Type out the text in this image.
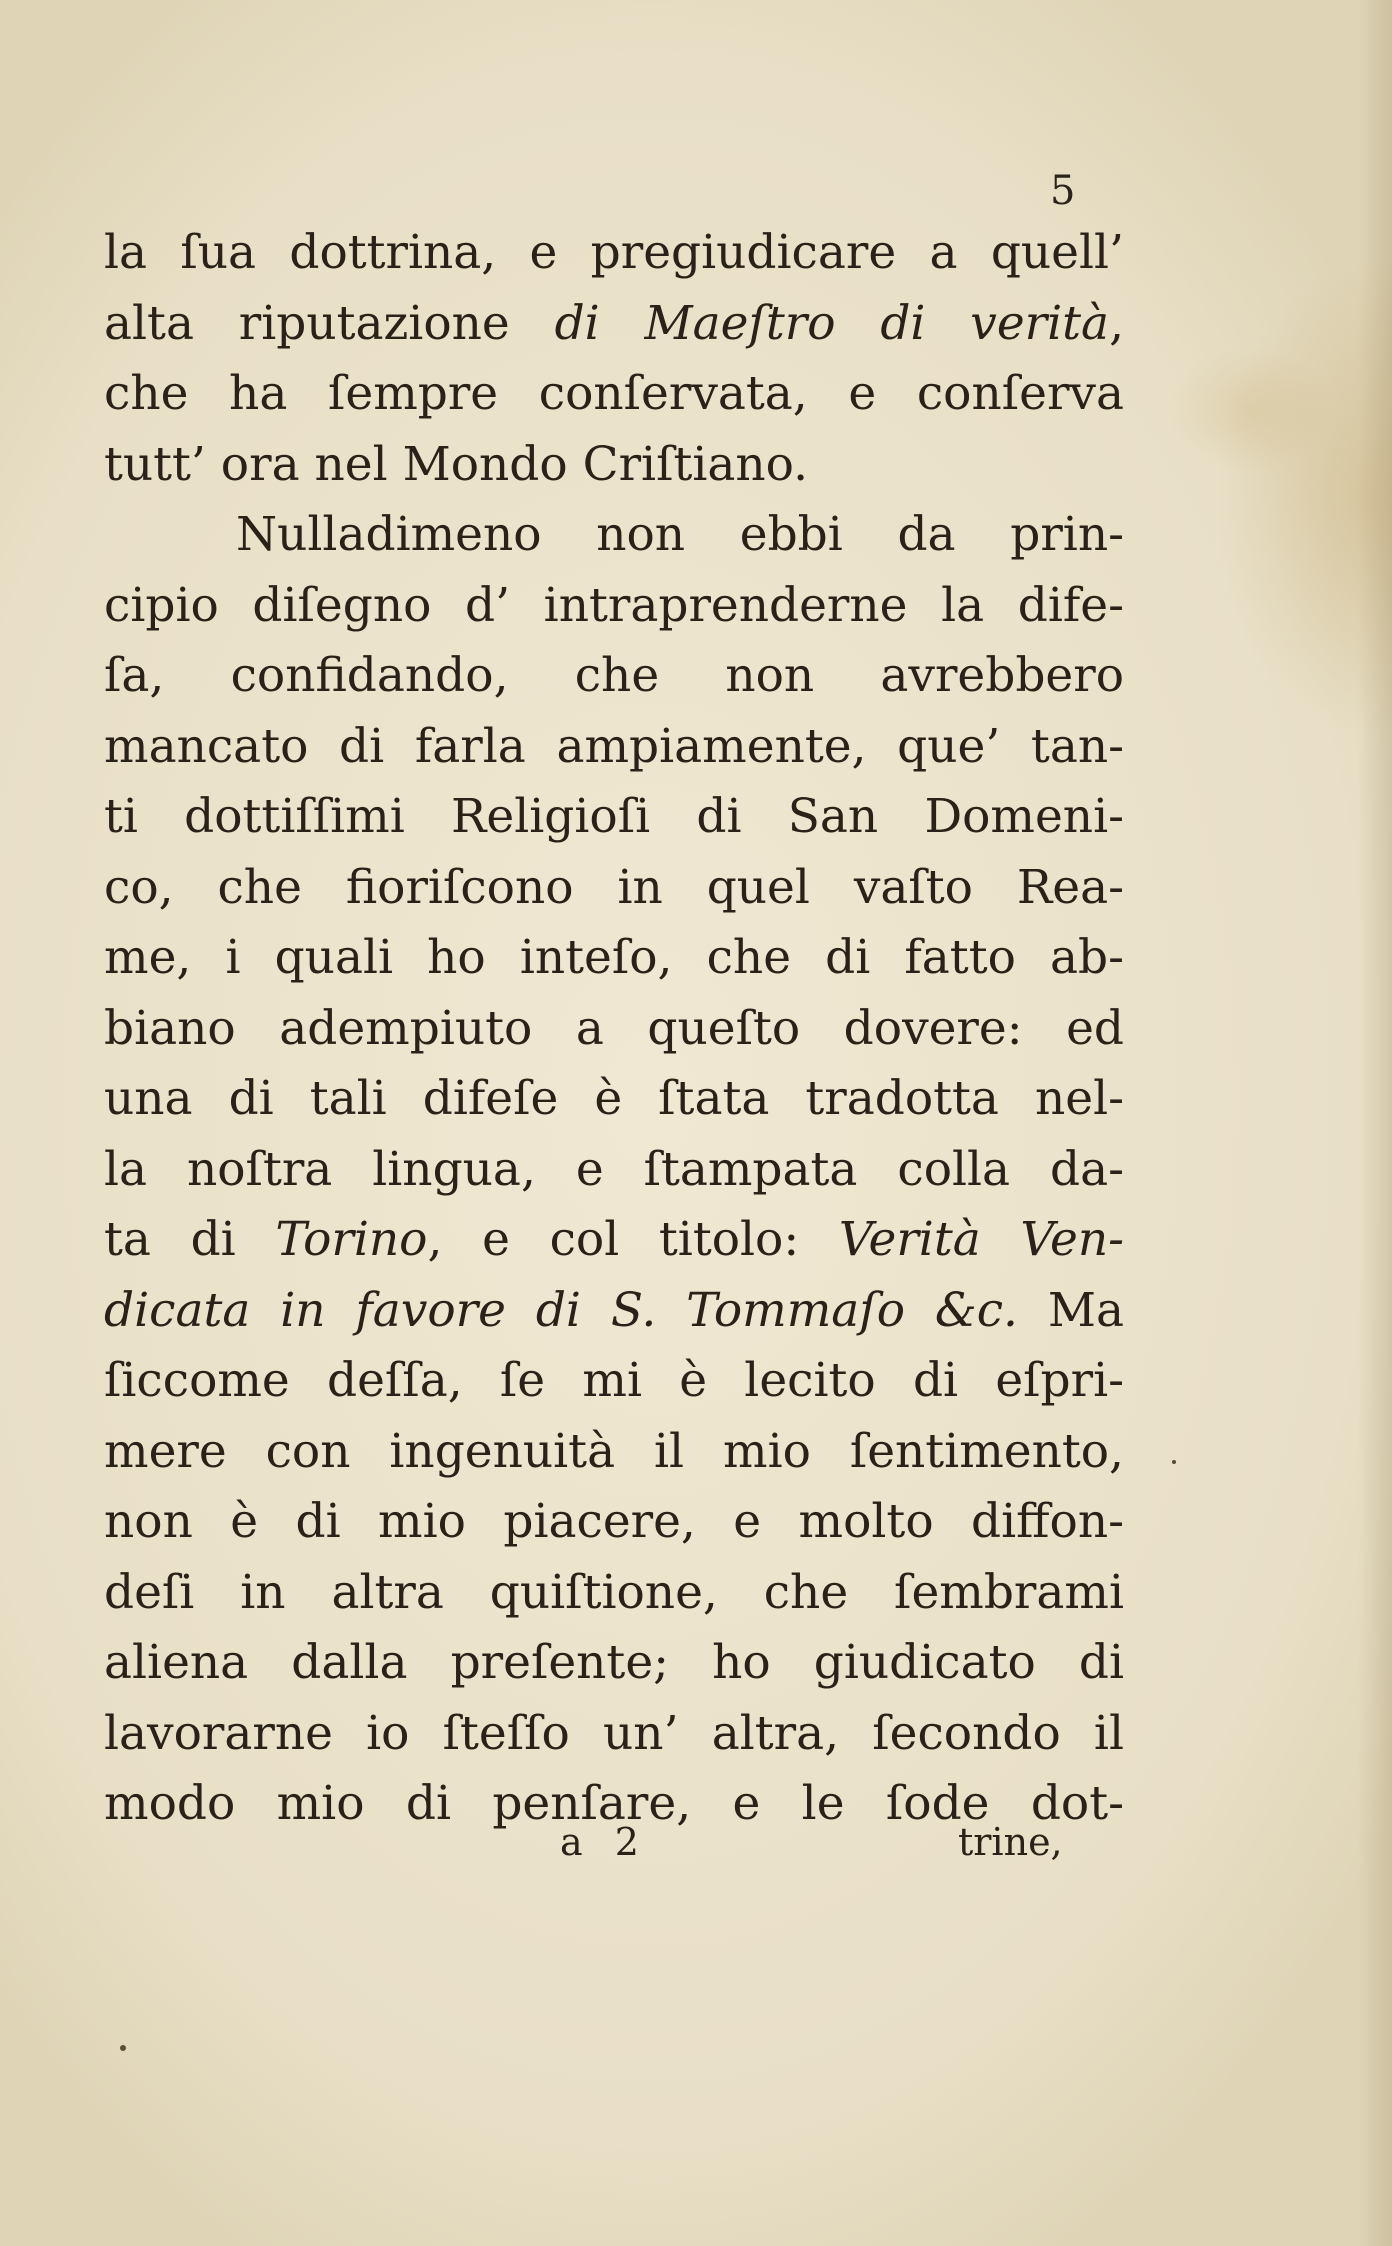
5
la ſua dottrina, e pregiudicare a quell’
alta riputazione di Maeſtro di verità,
che ha ſempre conſervata, e conſerva
tutt’ ora nel Mondo Criſtiano.
Nulladimeno non ebbi da prin-
cipio diſegno d’ intraprenderne la dife-
ſa, confidando, che non avrebbero
mancato di farla ampiamente, que’ tan-
ti dottiſſimi Religioſi di San Domeni-
co, che fioriſcono in quel vaſto Rea-
me, i quali ho inteſo, che di fatto ab-
biano adempiuto a queſto dovere: ed
una di tali difeſe è ſtata tradotta nel-
la noſtra lingua, e ſtampata colla da-
ta di Torino, e col titolo: Verità Ven-
dicata in favore di S. Tommaſo &c. Ma
ſiccome deſſa, ſe mi è lecito di eſpri-
mere con ingenuità il mio ſentimento,
non è di mio piacere, e molto diffon-
deſi in altra quiſtione, che ſembrami
aliena dalla preſente; ho giudicato di
lavorarne io ſteſſo un’ altra, ſecondo il
modo mio di penſare, e le ſode dot-
a 2	trine,
